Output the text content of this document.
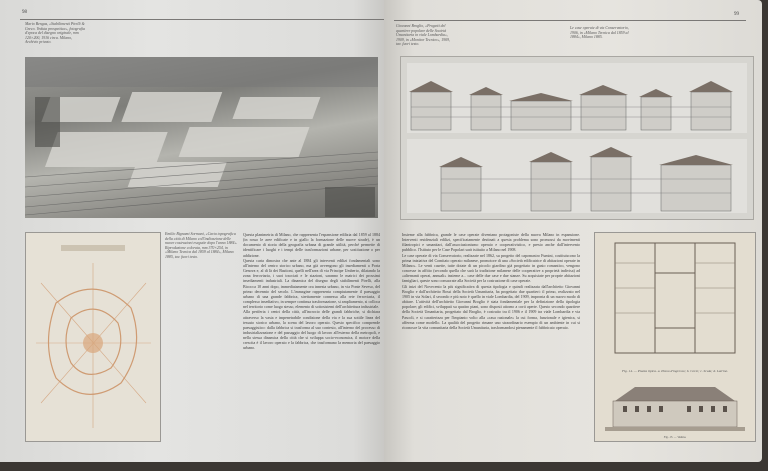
98
Mario Bengas, «Stabilimenti Pirelli & Greco. Veduta prospettica», fotografia d'epoca del disegno originale, mm 120×200, 1916 circa. Milano, Archivio privato.
Emilio Bignami Sormani, «Carta topografica della città di Milano coll'indicazione delle nuove costruzioni eseguite dopo l'anno 1884». Riproduzione colorata, mm 370×254, in «Milano Tecnica dal 1859 al 1884», Milano 1885, tav. fuori testo.

Questa planimetria di Milano, che rappresenta l'espansione edilizia dal 1859 al 1884 (in rosso le aree edificate e in giallo la formazione delle nuove strade), è un documento di storia della geografia urbana di grande utilità, perché permette di identificare i luoghi e i tempi delle trasformazioni urbane, per sostituzione o per addizione.

Questa carta dimostra che ante al 1884 gli interventi edilizi fondamentali sono all'interno del centro storico urbano, ma già avvengono gli insediamenti a Porta Genova e, al di là dei Bastioni, quelli nell'area di via Principe Umberto, dilatando la zona ferroviaria, i suoi tracciati e le stazioni, saranno le matrici dei prossimi insediamenti industriali. La dinamica del disegno degli stabilimenti Pirelli, alla Bicocca 10 anni dopo, immediatamente ora innesta urbano, in via Ponte Seveso, del primo decennio del secolo. L'immagine rappresenta compiutamente il paesaggio urbano di una grande fabbrica, strettamente connessa alla rete ferroviaria, il complesso insediativo, in sempre continua trasformazione, si ampliamento, si colloca nel territorio come luogo stesso, elemento di sottosistemi dell'architettura industriale.

Alla periferia i centri della città, all'incrocio delle grandi fabbriche, si dichiara attraverso la vasta e impenetrabile condizione della via e la sua sottile linea del tessuto storico urbano, la scena del lavoro operaio. Questo specifico comprende paesaggistico: dalla fabbrica si trasforma al suo contesto, all'interno del processo di industrializzazione e del passaggio del luogo di lavoro all'esterno della metropoli, e nella stessa dinamica della città che si sviluppa socio-economica, il motore della crescita è il lavoro operaio e la fabbrica, che trasformano la memoria del paesaggio urbano.

99
Giovanni Broglio, «Progetti del quartiere popolare delle Società Umanitaria in viale Lombardia», 1909, in «Monitor Tecnico», 1909, tav. fuori testo.
Le case operaie di via Conservatorio, 1906, in «Milano Tecnica dal 1859 al 1884», Milano 1885.

Insieme alla fabbrica, grande le case operaie diventano protagoniste della nuova Milano in espansione. Interventi residenziali edilizi, specificatamente destinati a questa problema sono promossi da movimenti filantropici e umanitari, dall'associazionismo operaio e cooperativistico, e presto anche dall'intervento pubblico. l'Istituto per le Case Popolari sarà istituito a Milano nel 1908.

Le case operaie di via Conservatorio, realizzate nel 1862, su progetto del capomastro Fumini, costituiscono la prima iniziativa del Comitato operaio milanese, promotore di una «Società edificatrice di abitazioni operaie in Milano». Le venti casette, tutte dotate di un piccolo giardino già progettato in gusto romantico, vengono concesse in affitto (secondo quella che sarà la tradizione milanese delle cooperative a proprietà indivisa) ad «alternanti operai, annuali» insieme a... case delle due case e due stanze. Su acquistate per proprie abitazioni famigliari, queste sono consacrate alla Società per la costruzione di case operaie.

Gli inizi del Novecento la più significativa di questa tipologia e quindi realizzata dall'architetto Giovanni Broglio e dall'architetto Bossi della Società Umanitaria, ha progettato due quartieri: il primo, realizzato nel 1905 in via Solari, il secondo e più noto è quello in viale Lombardia, del 1909, impronta di un nuovo modo di abitare. L'attività dell'architetto Giovanni Broglio è stata fondamentale per la definizione della tipologia popolare; gli edifici, sviluppati su quattro piani, sono disposti attorno a corti aperte. Questo secondo quartiere della Società Umanitaria, progettato dal Broglio, è costruito tra il 1906 e il 1909 tra viale Lombardia e via Pascoli, e si caratterizza per l'impianto volto alla «casa razionale» la cui forma, funzionale e igienica, si afferma come modello. La qualità del progetto rimane uno straordinario esempio di un ambiente in cui si riconosce la vita comunitaria della Società Umanitaria, trasformandosi pienamente il fabbricato operaio.

Fig. 14. — Pianta tipica. a. Piano d'ingresso; b. Corte; c. Scala; d. Latrine.
Fig. 15. — Veduta.
